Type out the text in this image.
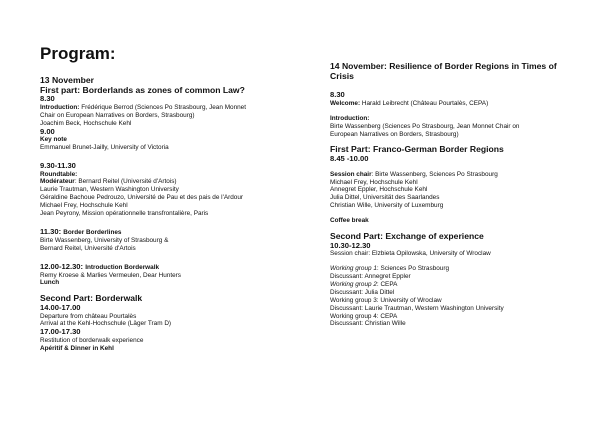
Program:
13 November
First part: Borderlands as zones of common Law?
8.30
Introduction: Frédérique Berrod (Sciences Po Strasbourg, Jean Monnet
Chair on European Narratives on Borders, Strasbourg)
Joachim Beck, Hochschule Kehl
9.00
Key note
Emmanuel Brunet-Jailly, University of Victoria
9.30-11.30
Roundtable:
Modérateur: Bernard Reitel (Université d'Artois)
Laurie Trautman, Western Washington University
Géraldine Bachoue Pedrouzo, Université de Pau et des pais de l'Ardour
Michael Frey, Hochschule Kehl
Jean Peyrony, Mission opérationnelle transfrontalière, Paris
11.30: Border Borderlines
Birte Wassenberg, University of Strasbourg &
Bernard Reitel, Université d'Artois
12.00-12.30: Introduction Borderwalk
Remy Kroese & Marlies Vermeulen, Dear Hunters
Lunch
Second Part: Borderwalk
14.00-17.00
Departure from château Pourtalès
Arrival at the Kehl-Hochschule (Läger Tram D)
17.00-17.30
Restitution of borderwalk experience
Apéritif & Dinner in Kehl
14 November: Resilience of Border Regions in Times of Crisis
8.30
Welcome: Harald Leibrecht (Château Pourtalès, CEPA)
Introduction:
Birte Wassenberg (Sciences Po Strasbourg, Jean Monnet Chair on
European Narratives on Borders, Strasbourg)
First Part: Franco-German Border Regions
8.45 -10.00
Session chair: Birte Wassenberg, Sciences Po Strasbourg
Michael Frey, Hochschule Kehl
Annegret Eppler, Hochschule Kehl
Julia Dittel, Universität des Saarlandes
Christian Wille, University of Luxemburg
Coffee break
Second Part: Exchange of experience
10.30-12.30
Session chair: Elzbieta Opilowska, University of Wroclaw
Working group 1: Sciences Po Strasbourg
Discussant: Annegret Eppler
Working group 2: CEPA
Discussant: Julia Dittel
Working group 3: University of Wroclaw
Discussant: Laurie Trautman, Western Washington University
Working group 4: CEPA
Discussant: Christian Wille
